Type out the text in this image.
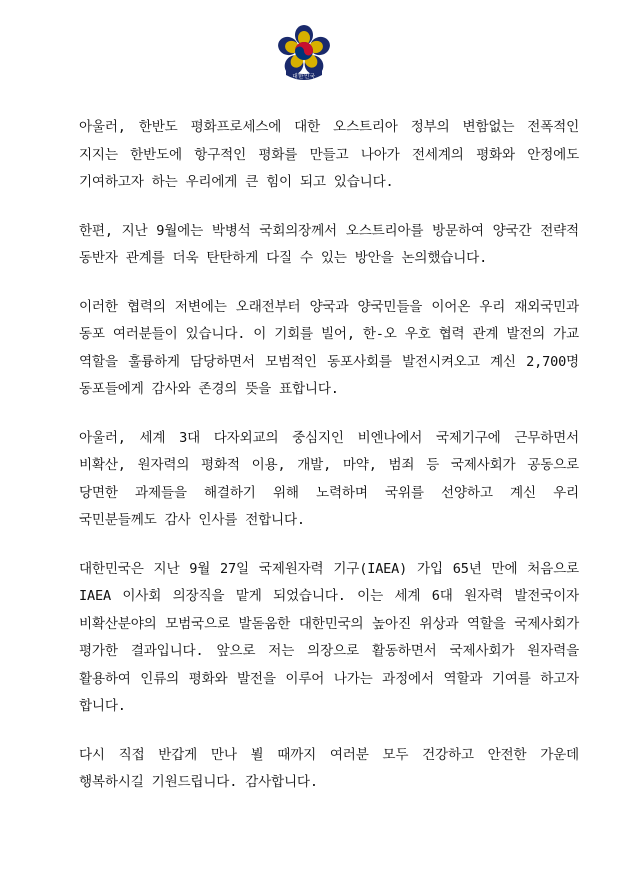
대한민국

아울러, 한반도 평화프로세스에 대한 오스트리아 정부의 변함없는 전폭적인 지지는 한반도에 항구적인 평화를 만들고 나아가 전세계의 평화와 안정에도 기여하고자 하는 우리에게 큰 힘이 되고 있습니다.

한편, 지난 9월에는 박병석 국회의장께서 오스트리아를 방문하여 양국간 전략적 동반자 관계를 더욱 탄탄하게 다질 수 있는 방안을 논의했습니다.

이러한 협력의 저변에는 오래전부터 양국과 양국민들을 이어온 우리 재외국민과 동포 여러분들이 있습니다. 이 기회를 빌어, 한-오 우호 협력 관계 발전의 가교 역할을 훌륭하게 담당하면서 모범적인 동포사회를 발전시켜오고 계신 2,700명 동포들에게 감사와 존경의 뜻을 표합니다.

아울러, 세계 3대 다자외교의 중심지인 비엔나에서 국제기구에 근무하면서 비확산, 원자력의 평화적 이용, 개발, 마약, 범죄 등 국제사회가 공동으로 당면한 과제들을 해결하기 위해 노력하며 국위를 선양하고 계신 우리 국민분들께도 감사 인사를 전합니다.

대한민국은 지난 9월 27일 국제원자력 기구(IAEA) 가입 65년 만에 처음으로 IAEA 이사회 의장직을 맡게 되었습니다. 이는 세계 6대 원자력 발전국이자 비확산분야의 모범국으로 발돋움한 대한민국의 높아진 위상과 역할을 국제사회가 평가한 결과입니다. 앞으로 저는 의장으로 활동하면서 국제사회가 원자력을 활용하여 인류의 평화와 발전을 이루어 나가는 과정에서 역할과 기여를 하고자 합니다.

다시 직접 반갑게 만나 뵐 때까지 여러분 모두 건강하고 안전한 가운데 행복하시길 기원드립니다. 감사합니다.
